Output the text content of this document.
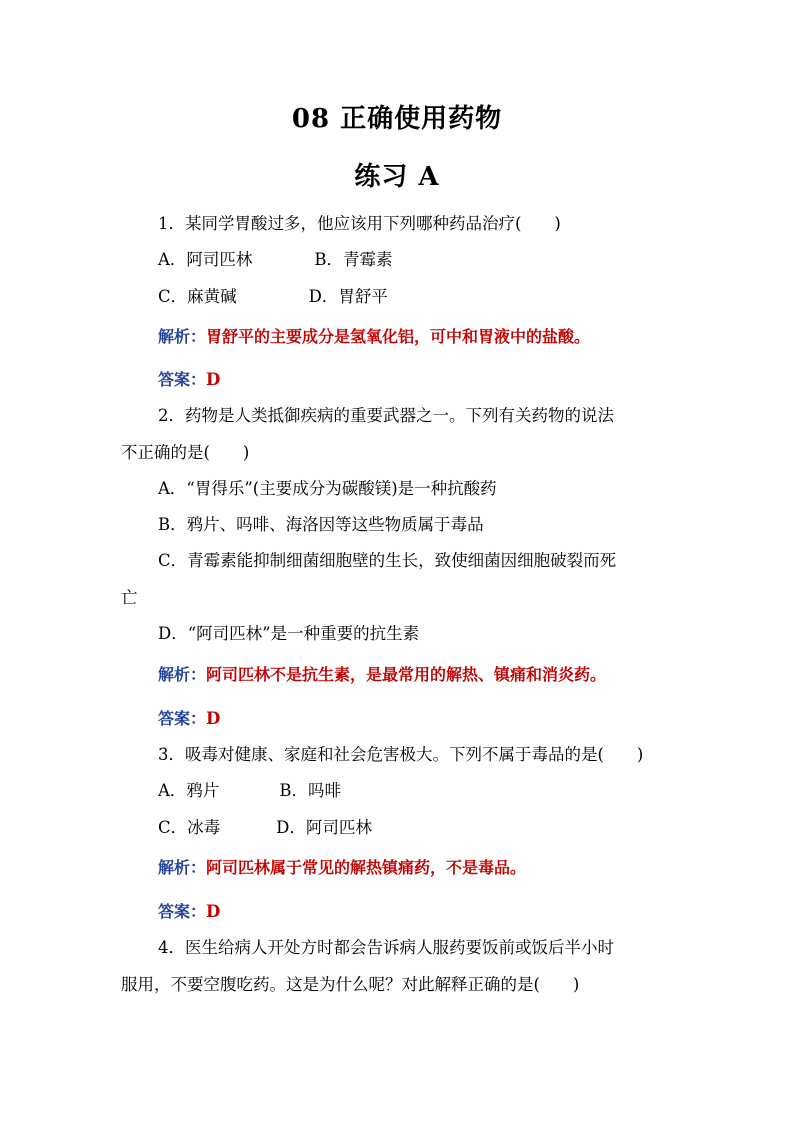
08 正确使用药物
练习 A
1．某同学胃酸过多，他应该用下列哪种药品治疗(　　)
A．阿司匹林	B．青霉素
C．麻黄碱	D．胃舒平
解析：胃舒平的主要成分是氢氧化铝，可中和胃液中的盐酸。
答案：D
2．药物是人类抵御疾病的重要武器之一。下列有关药物的说法
不正确的是(　　)
A．“胃得乐”(主要成分为碳酸镁)是一种抗酸药
B．鸦片、吗啡、海洛因等这些物质属于毒品
C．青霉素能抑制细菌细胞壁的生长，致使细菌因细胞破裂而死
亡
D．“阿司匹林”是一种重要的抗生素
解析：阿司匹林不是抗生素，是最常用的解热、镇痛和消炎药。
答案：D
3．吸毒对健康、家庭和社会危害极大。下列不属于毒品的是(　　)
A．鸦片	B．吗啡
C．冰毒	D．阿司匹林
解析：阿司匹林属于常见的解热镇痛药，不是毒品。
答案：D
4．医生给病人开处方时都会告诉病人服药要饭前或饭后半小时
服用，不要空腹吃药。这是为什么呢？对此解释正确的是(　　)
